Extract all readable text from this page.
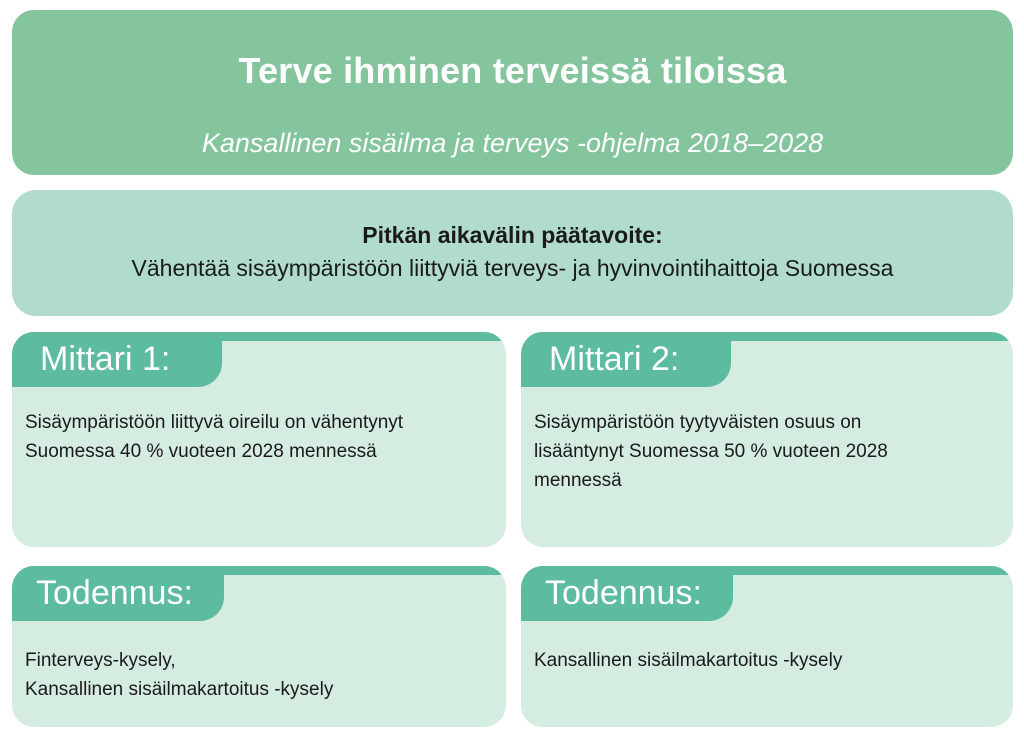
Terve ihminen terveissä tiloissa
Kansallinen sisäilma ja terveys -ohjelma 2018–2028
Pitkän aikavälin päätavoite:
Vähentää sisäympäristöön liittyviä terveys- ja hyvinvointihaittoja Suomessa
Mittari 1:
Sisäympäristöön liittyvä oireilu on vähentynyt
Suomessa 40 % vuoteen 2028 mennessä
Mittari 2:
Sisäympäristöön tyytyväisten osuus on
lisääntynyt Suomessa 50 % vuoteen 2028
mennessä
Todennus:
Finterveys-kysely,
Kansallinen sisäilmakartoitus -kysely
Todennus:
Kansallinen sisäilmakartoitus -kysely
